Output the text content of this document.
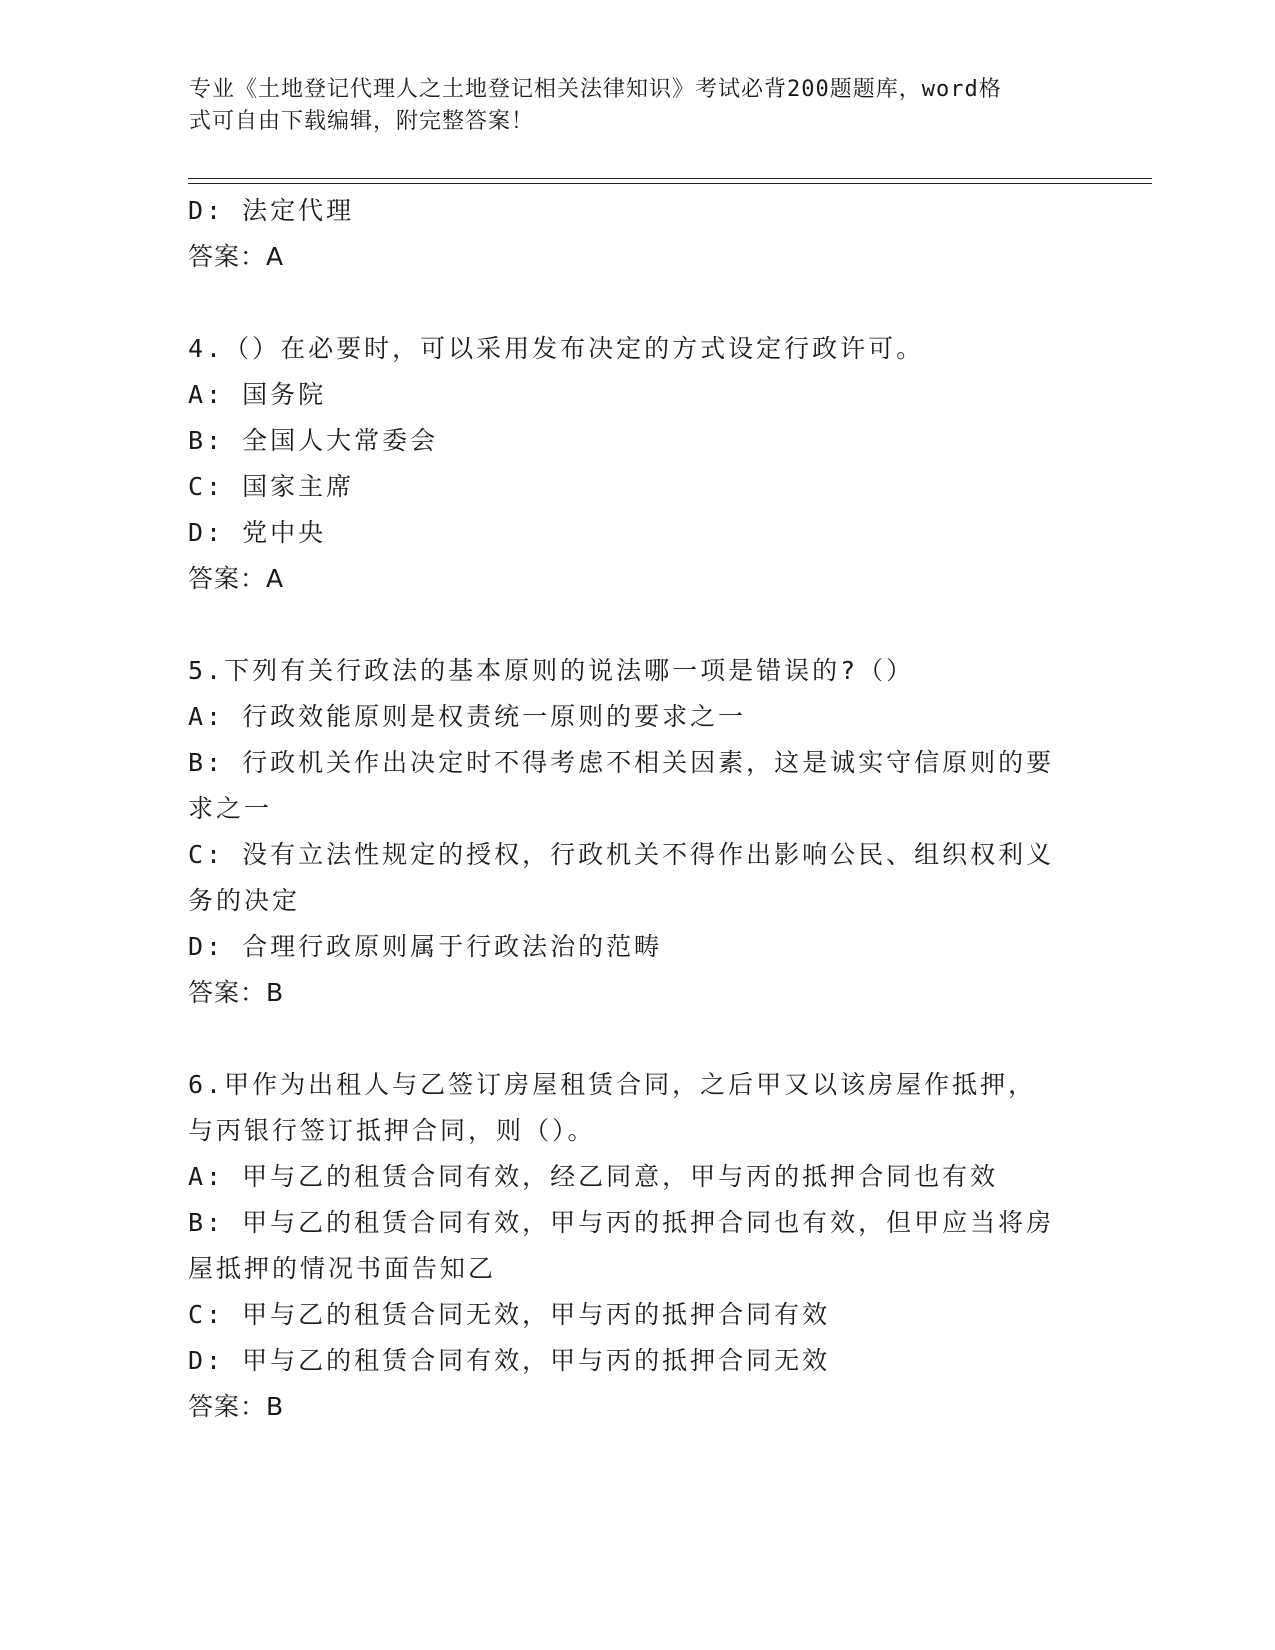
专业《土地登记代理人之土地登记相关法律知识》考试必背200题题库，word格
式可自由下载编辑，附完整答案！
D: 法定代理
答案：A
4.（）在必要时，可以采用发布决定的方式设定行政许可。
A: 国务院
B: 全国人大常委会
C: 国家主席
D: 党中央
答案：A
5.下列有关行政法的基本原则的说法哪一项是错误的?（）
A: 行政效能原则是权责统一原则的要求之一
B: 行政机关作出决定时不得考虑不相关因素，这是诚实守信原则的要
求之一
C: 没有立法性规定的授权，行政机关不得作出影响公民、组织权利义
务的决定
D: 合理行政原则属于行政法治的范畴
答案：B
6.甲作为出租人与乙签订房屋租赁合同，之后甲又以该房屋作抵押，
与丙银行签订抵押合同，则（）。
A: 甲与乙的租赁合同有效，经乙同意，甲与丙的抵押合同也有效
B: 甲与乙的租赁合同有效，甲与丙的抵押合同也有效，但甲应当将房
屋抵押的情况书面告知乙
C: 甲与乙的租赁合同无效，甲与丙的抵押合同有效
D: 甲与乙的租赁合同有效，甲与丙的抵押合同无效
答案：B
